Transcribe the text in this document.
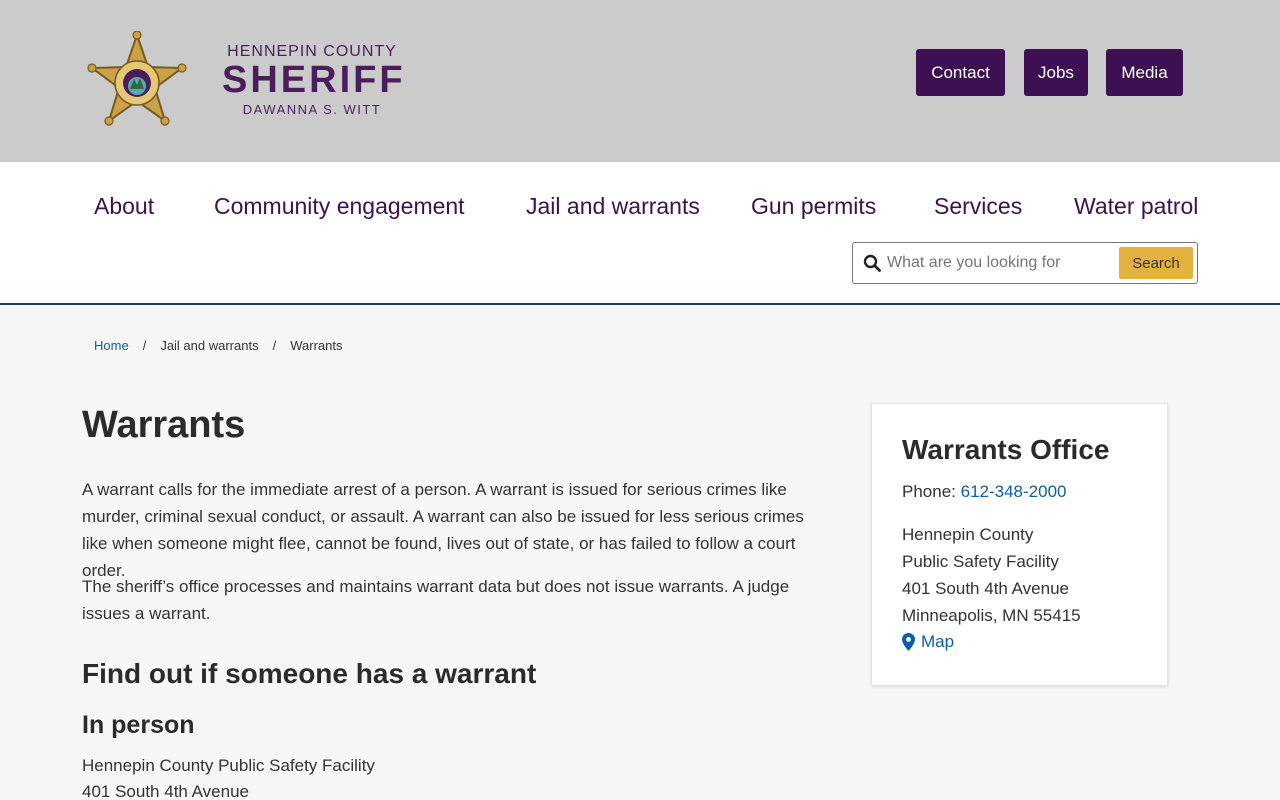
HENNEPIN COUNTY
SHERIFF
DAWANNA S. WITT
Contact	Jobs	Media
About	Community engagement	Jail and warrants Gun permits	Services Water patrol
What are you looking for
Search
Home / Jail and warrants / Warrants
Warrants

A warrant calls for the immediate arrest of a person. A warrant is issued for serious crimes like murder, criminal sexual conduct, or assault. A warrant can also be issued for less serious crimes like when someone might flee, cannot be found, lives out of state, or has failed to follow a court order.

The sheriff’s office processes and maintains warrant data but does not issue warrants. A judge issues a warrant.

Find out if someone has a warrant
In person
Hennepin County Public Safety Facility
401 South 4th Avenue
Warrants Office
Phone: 612-348-2000
Hennepin County
Public Safety Facility
401 South 4th Avenue
Minneapolis, MN 55415
Map
